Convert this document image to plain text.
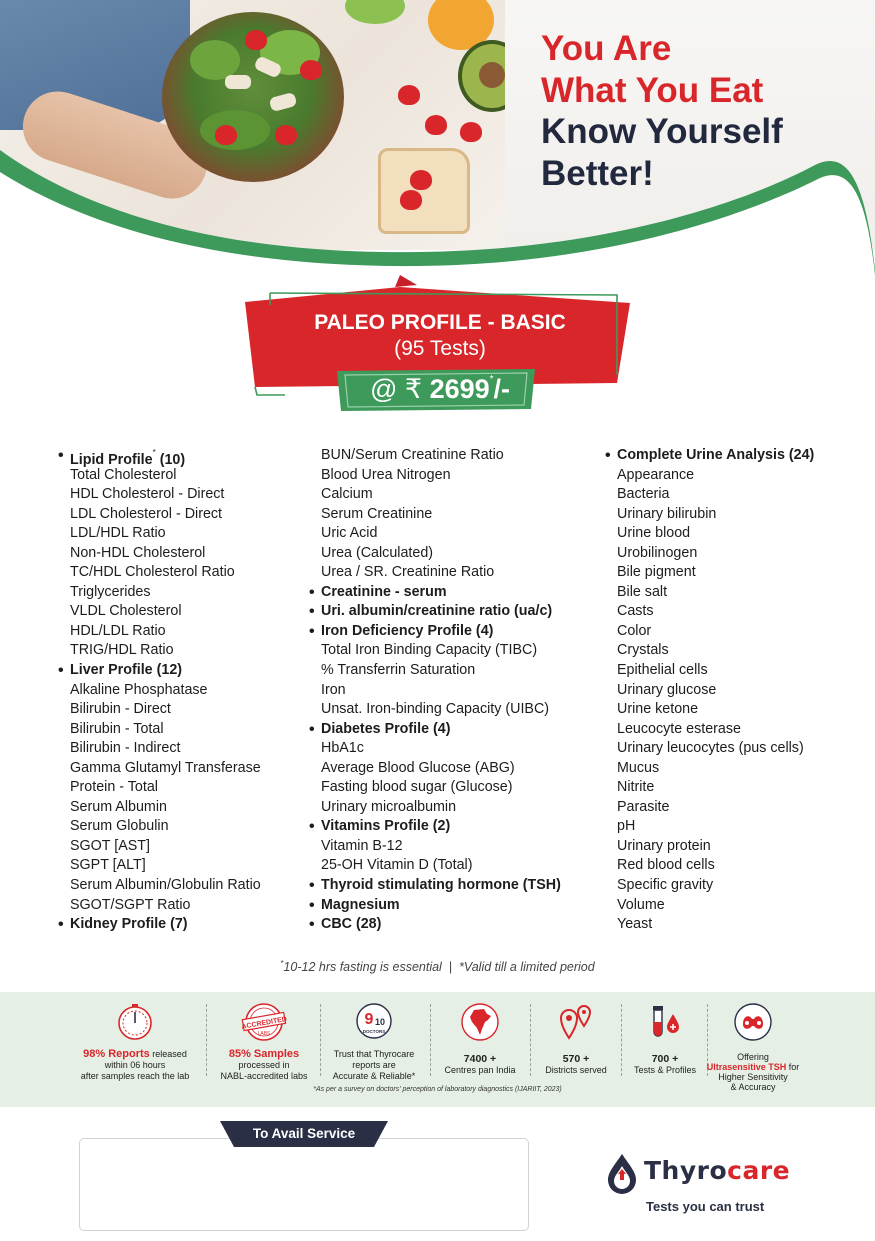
You Are
What You Eat
Know Yourself
Better!
PALEO PROFILE - BASIC
(95 Tests)
@ ₹ 2699*/-
• Lipid Profile* (10)
Total Cholesterol
HDL Cholesterol - Direct
LDL Cholesterol - Direct
LDL/HDL Ratio
Non-HDL Cholesterol
TC/HDL Cholesterol Ratio
Triglycerides
VLDL Cholesterol
HDL/LDL Ratio
TRIG/HDL Ratio
• Liver Profile (12)
Alkaline Phosphatase
Bilirubin - Direct
Bilirubin - Total
Bilirubin - Indirect
Gamma Glutamyl Transferase
Protein - Total
Serum Albumin
Serum Globulin
SGOT [AST]
SGPT [ALT]
Serum Albumin/Globulin Ratio
SGOT/SGPT Ratio
• Kidney Profile (7)
BUN/Serum Creatinine Ratio
Blood Urea Nitrogen
Calcium
Serum Creatinine
Uric Acid
Urea (Calculated)
Urea / SR. Creatinine Ratio
• Creatinine - serum
• Uri. albumin/creatinine ratio (ua/c)
• Iron Deficiency Profile (4)
Total Iron Binding Capacity (TIBC)
% Transferrin Saturation
Iron
Unsat. Iron-binding Capacity (UIBC)
• Diabetes Profile (4)
HbA1c
Average Blood Glucose (ABG)
Fasting blood sugar (Glucose)
Urinary microalbumin
• Vitamins Profile (2)
Vitamin B-12
25-OH Vitamin D (Total)
• Thyroid stimulating hormone (TSH)
• Magnesium
• CBC (28)
• Complete Urine Analysis (24)
Appearance
Bacteria
Urinary bilirubin
Urine blood
Urobilinogen
Bile pigment
Bile salt
Casts
Color
Crystals
Epithelial cells
Urinary glucose
Urine ketone
Leucocyte esterase
Urinary leucocytes (pus cells)
Mucus
Nitrite
Parasite
pH
Urinary protein
Red blood cells
Specific gravity
Volume
Yeast
*10-12 hrs fasting is essential  |  *Valid till a limited period
98% Reports released
within 06 hours
after samples reach the lab
ACCREDITED
LABS
85% Samples
processed in
NABL-accredited labs
9 10
DOCTORS
Trust that Thyrocare
reports are
Accurate & Reliable*
7400 +
Centres pan India
570 +
Districts served
700 +
Tests & Profiles
Offering
Ultrasensitive TSH for
Higher Sensitivity
& Accuracy
*As per a survey on doctors' perception of laboratory diagnostics (IJARIIT, 2023)
To Avail Service
Thyrocare
Tests you can trust
